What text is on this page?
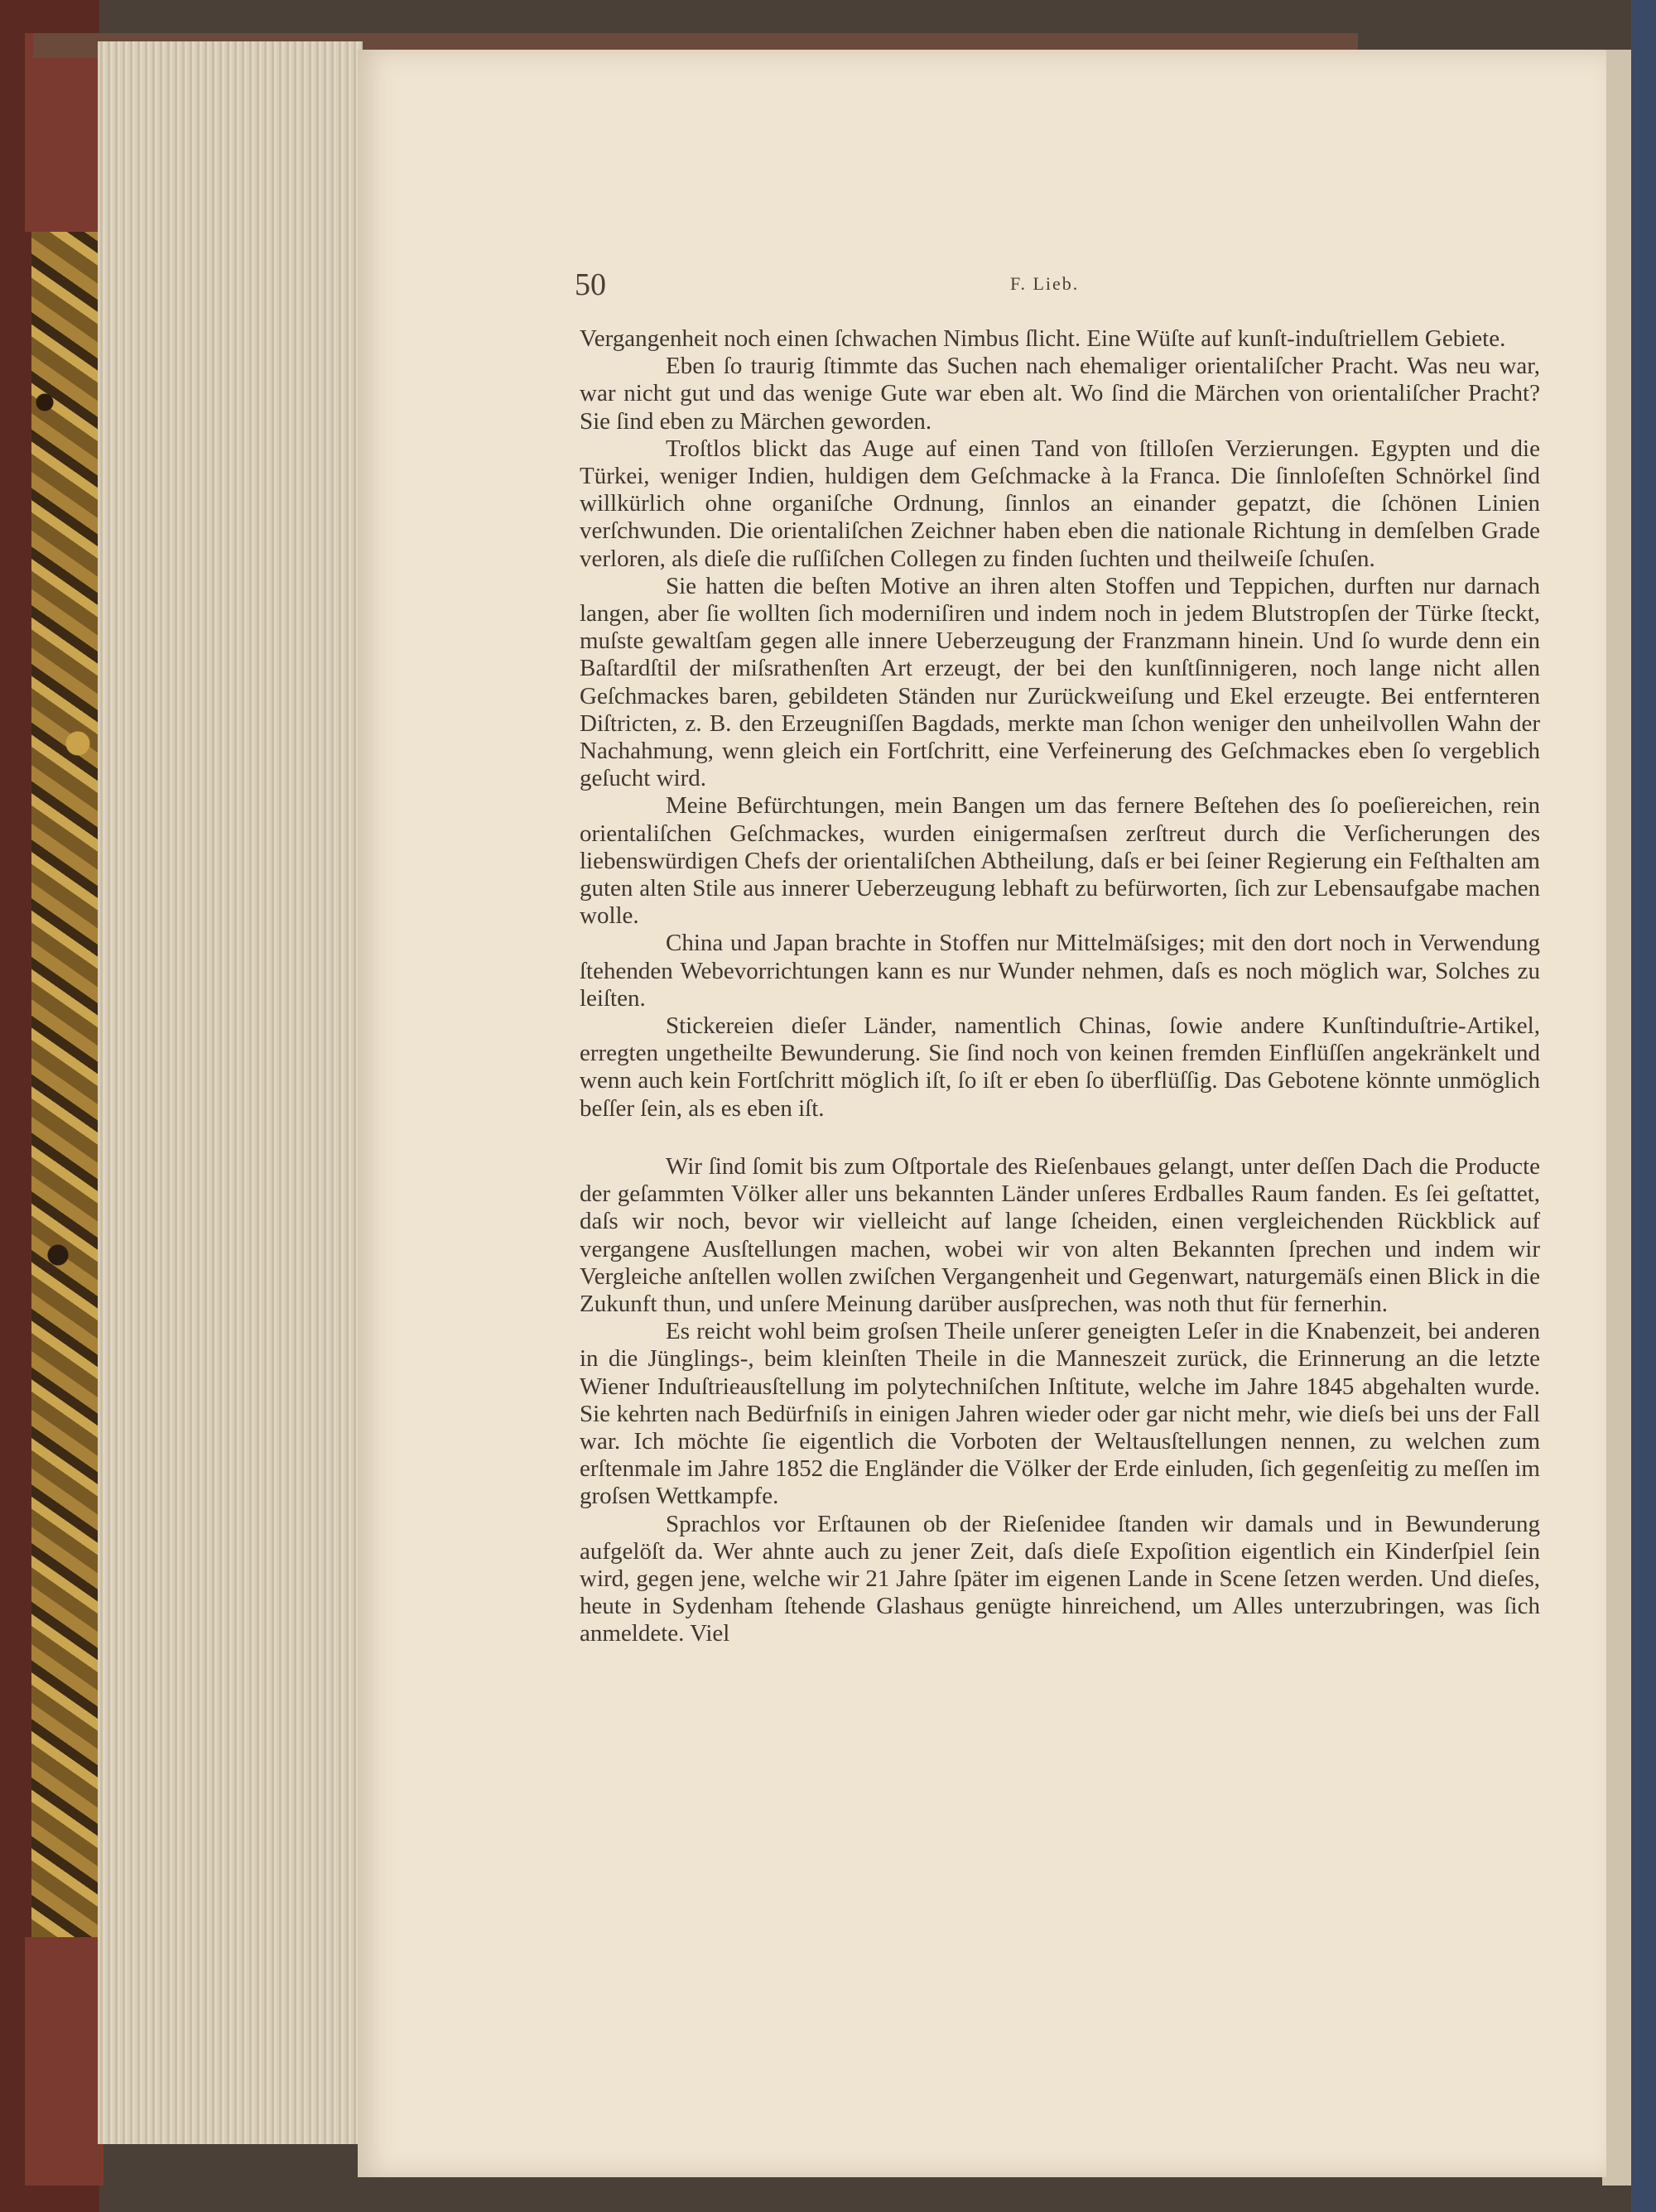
50	F. Lieb.

Vergangenheit noch einen ſchwachen Nimbus ſlicht. Eine Wüſte auf kunſt-induſtriellem Gebiete.

Eben ſo traurig ſtimmte das Suchen nach ehemaliger orientaliſcher Pracht. Was neu war, war nicht gut und das wenige Gute war eben alt. Wo ſind die Märchen von orientaliſcher Pracht? Sie ſind eben zu Märchen geworden.

Troſtlos blickt das Auge auf einen Tand von ſtilloſen Verzierungen. Egypten und die Türkei, weniger Indien, huldigen dem Geſchmacke à la Franca. Die ſinnloſeſten Schnörkel ſind willkürlich ohne organiſche Ordnung, ſinnlos an einander gepatzt, die ſchönen Linien verſchwunden. Die orientaliſchen Zeichner haben eben die nationale Richtung in demſelben Grade verloren, als dieſe die ruſſiſchen Collegen zu finden ſuchten und theilweiſe ſchuſen.

Sie hatten die beſten Motive an ihren alten Stoffen und Teppichen, durften nur darnach langen, aber ſie wollten ſich moderniſiren und indem noch in jedem Blutstropſen der Türke ſteckt, muſste gewaltſam gegen alle innere Ueberzeugung der Franzmann hinein. Und ſo wurde denn ein Baſtardſtil der miſsrathenſten Art erzeugt, der bei den kunſtſinnigeren, noch lange nicht allen Geſchmackes baren, gebildeten Ständen nur Zurückweiſung und Ekel erzeugte. Bei entfernteren Diſtricten, z. B. den Erzeugniſſen Bagdads, merkte man ſchon weniger den unheilvollen Wahn der Nachahmung, wenn gleich ein Fortſchritt, eine Verfeinerung des Geſchmackes eben ſo vergeblich geſucht wird.

Meine Befürchtungen, mein Bangen um das fernere Beſtehen des ſo poeſiereichen, rein orientaliſchen Geſchmackes, wurden einigermaſsen zerſtreut durch die Verſicherungen des liebenswürdigen Chefs der orientaliſchen Abtheilung, daſs er bei ſeiner Regierung ein Feſthalten am guten alten Stile aus innerer Ueberzeugung lebhaft zu befürworten, ſich zur Lebensaufgabe machen wolle.

China und Japan brachte in Stoffen nur Mittelmäſsiges; mit den dort noch in Verwendung ſtehenden Webevorrichtungen kann es nur Wunder nehmen, daſs es noch möglich war, Solches zu leiſten.

Stickereien dieſer Länder, namentlich Chinas, ſowie andere Kunſtinduſtrie-Artikel, erregten ungetheilte Bewunderung. Sie ſind noch von keinen fremden Einflüſſen angekränkelt und wenn auch kein Fortſchritt möglich iſt, ſo iſt er eben ſo überflüſſig. Das Gebotene könnte unmöglich beſſer ſein, als es eben iſt.

Wir ſind ſomit bis zum Oſtportale des Rieſenbaues gelangt, unter deſſen Dach die Producte der geſammten Völker aller uns bekannten Länder unſeres Erdballes Raum fanden. Es ſei geſtattet, daſs wir noch, bevor wir vielleicht auf lange ſcheiden, einen vergleichenden Rückblick auf vergangene Ausſtellungen machen, wobei wir von alten Bekannten ſprechen und indem wir Vergleiche anſtellen wollen zwiſchen Vergangenheit und Gegenwart, naturgemäſs einen Blick in die Zukunft thun, und unſere Meinung darüber ausſprechen, was noth thut für fernerhin.

Es reicht wohl beim groſsen Theile unſerer geneigten Leſer in die Knabenzeit, bei anderen in die Jünglings-, beim kleinſten Theile in die Manneszeit zurück, die Erinnerung an die letzte Wiener Induſtrieausſtellung im polytechniſchen Inſtitute, welche im Jahre 1845 abgehalten wurde. Sie kehrten nach Bedürfniſs in einigen Jahren wieder oder gar nicht mehr, wie dieſs bei uns der Fall war. Ich möchte ſie eigentlich die Vorboten der Weltausſtellungen nennen, zu welchen zum erſtenmale im Jahre 1852 die Engländer die Völker der Erde einluden, ſich gegenſeitig zu meſſen im groſsen Wettkampfe.

Sprachlos vor Erſtaunen ob der Rieſenidee ſtanden wir damals und in Bewunderung aufgelöſt da. Wer ahnte auch zu jener Zeit, daſs dieſe Expoſition eigentlich ein Kinderſpiel ſein wird, gegen jene, welche wir 21 Jahre ſpäter im eigenen Lande in Scene ſetzen werden. Und dieſes, heute in Sydenham ſtehende Glashaus genügte hinreichend, um Alles unterzubringen, was ſich anmeldete. Viel
